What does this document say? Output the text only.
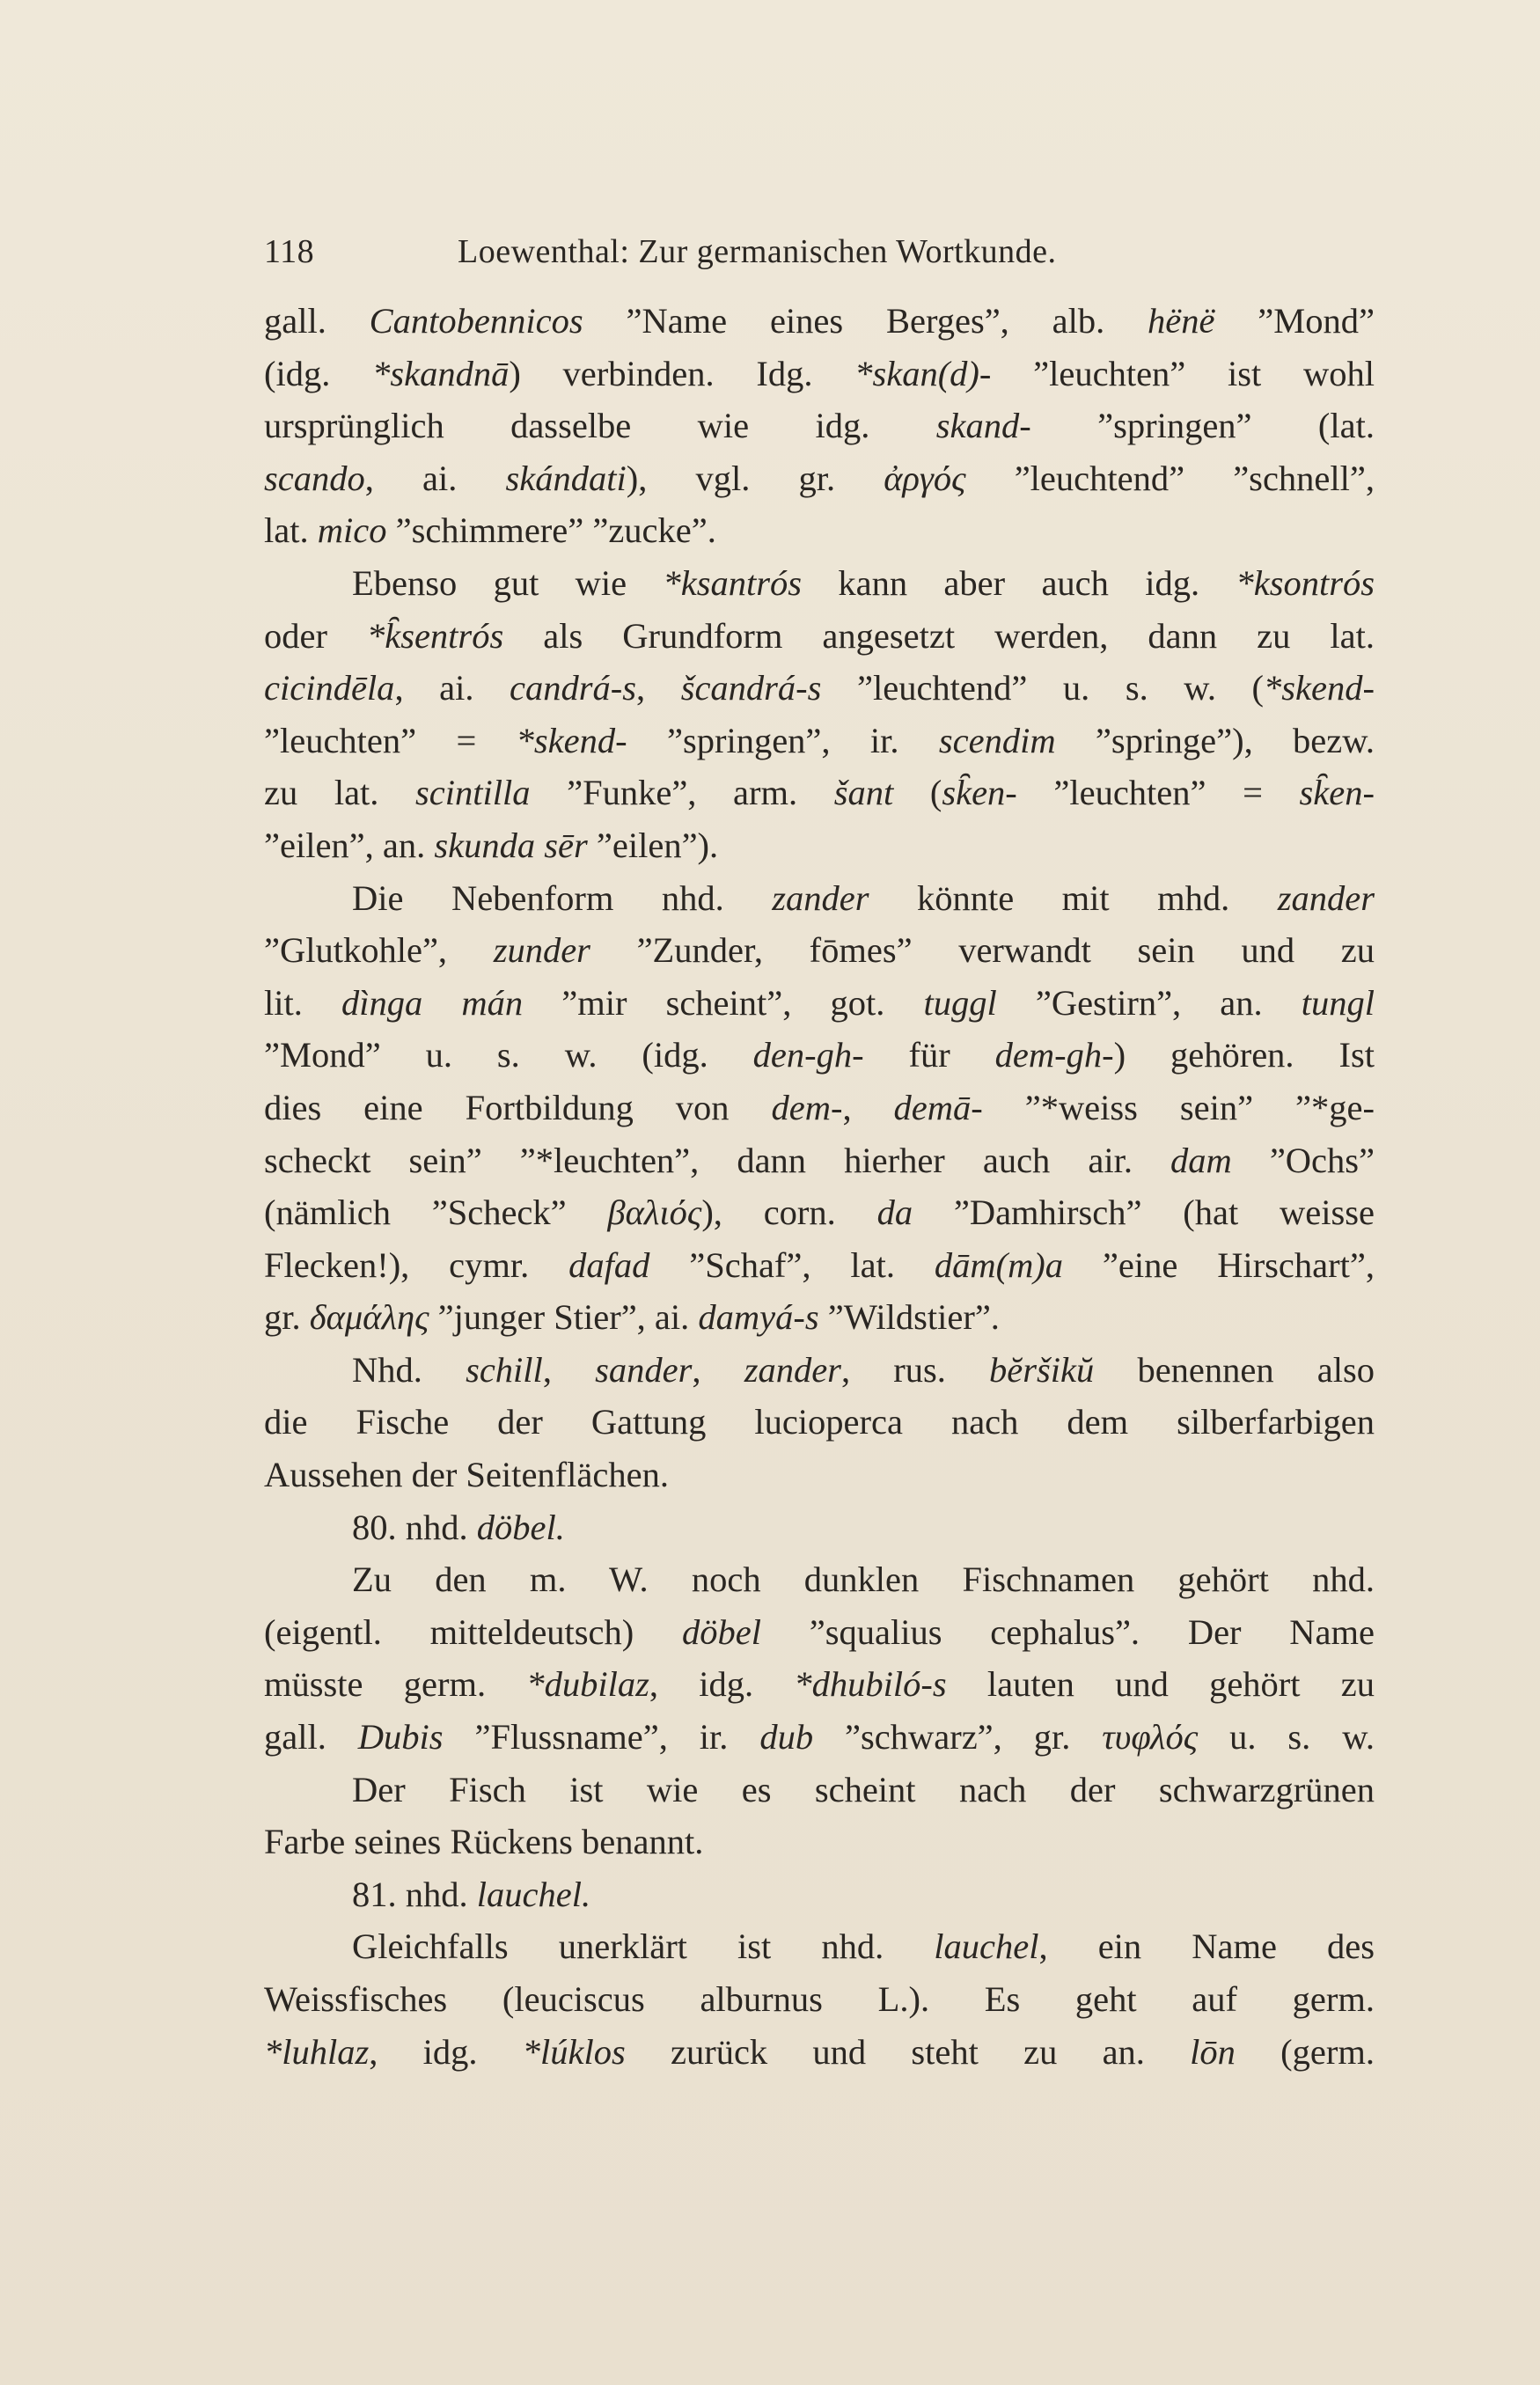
118	Loewenthal: Zur germanischen Wortkunde.
gall. Cantobennicos ”Name eines Berges”, alb. hënë ”Mond”
(idg. *skandnā) verbinden. Idg. *skan(d)- ”leuchten” ist wohl
ursprünglich dasselbe wie idg. skand- ”springen” (lat.
scando, ai. skándati), vgl. gr. ἀργός ”leuchtend” ”schnell”,
lat. mico ”schimmere” ”zucke”.
Ebenso gut wie *ksantrós kann aber auch idg. *ksontrós
oder *k̑sentrós als Grundform angesetzt werden, dann zu lat.
cicindēla, ai. candrá-s, šcandrá-s ”leuchtend” u. s. w. (*skend-
”leuchten” = *skend- ”springen”, ir. scendim ”springe”), bezw.
zu lat. scintilla ”Funke”, arm. šant (sk̑en- ”leuchten” = sk̑en-
”eilen”, an. skunda sēr ”eilen”).
Die Nebenform nhd. zander könnte mit mhd. zander
”Glutkohle”, zunder ”Zunder, fōmes” verwandt sein und zu
lit. dìnga mán ”mir scheint”, got. tuggl ”Gestirn”, an. tungl
”Mond” u. s. w. (idg. den-gh- für dem-gh-) gehören. Ist
dies eine Fortbildung von dem-, demā- ”*weiss sein” ”*ge-
scheckt sein” ”*leuchten”, dann hierher auch air. dam ”Ochs”
(nämlich ”Scheck” βαλιός), corn. da ”Damhirsch” (hat weisse
Flecken!), cymr. dafad ”Schaf”, lat. dām(m)a ”eine Hirschart”,
gr. δαμάλης ”junger Stier”, ai. damyá-s ”Wildstier”.
Nhd. schill, sander, zander, rus. bĕršikŭ benennen also
die Fische der Gattung lucioperca nach dem silberfarbigen
Aussehen der Seitenflächen.
80. nhd. döbel.
Zu den m. W. noch dunklen Fischnamen gehört nhd.
(eigentl. mitteldeutsch) döbel ”squalius cephalus”. Der Name
müsste germ. *dubilaz, idg. *dhubiló-s lauten und gehört zu
gall. Dubis ”Flussname”, ir. dub ”schwarz”, gr. τυφλός u. s. w.
Der Fisch ist wie es scheint nach der schwarzgrünen
Farbe seines Rückens benannt.
81. nhd. lauchel.
Gleichfalls unerklärt ist nhd. lauchel, ein Name des
Weissfisches (leuciscus alburnus L.). Es geht auf germ.
*luhlaz, idg. *lúklos zurück und steht zu an. lōn (germ.
